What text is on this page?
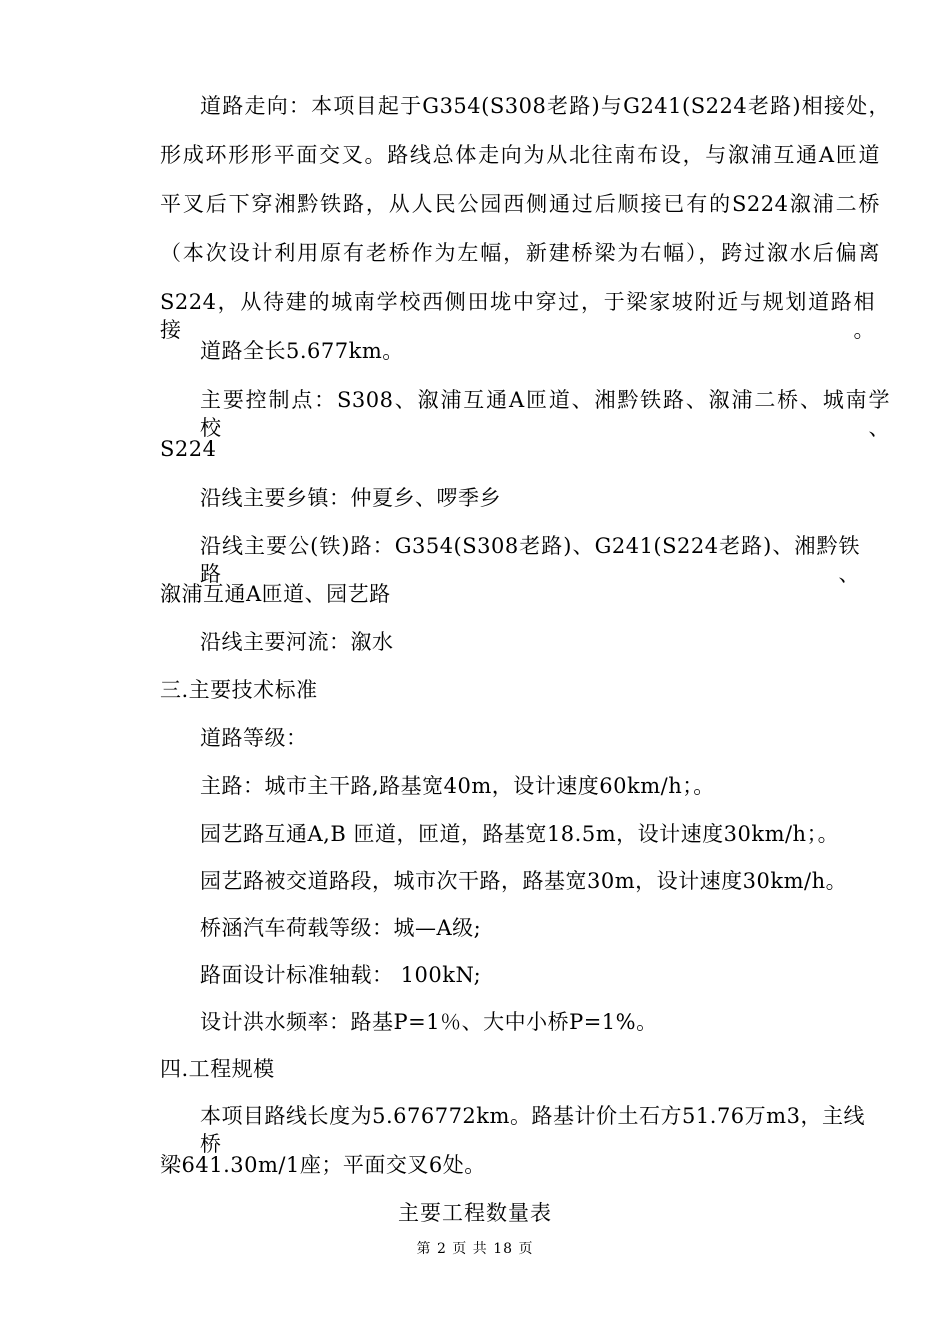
道路走向：本项目起于G354(S308老路)与G241(S224老路)相接处，
形成环形形平面交叉。路线总体走向为从北往南布设，与溆浦互通A匝道
平叉后下穿湘黔铁路，从人民公园西侧通过后顺接已有的S224溆浦二桥
（本次设计利用原有老桥作为左幅，新建桥梁为右幅），跨过溆水后偏离
S224，从待建的城南学校西侧田垅中穿过，于梁家坡附近与规划道路相接。
道路全长5.677km。
主要控制点：S308、溆浦互通A匝道、湘黔铁路、溆浦二桥、城南学校、
S224
沿线主要乡镇：仲夏乡、啰季乡
沿线主要公(铁)路：G354(S308老路)、G241(S224老路)、湘黔铁路、
溆浦互通A匝道、园艺路
沿线主要河流：溆水
三.主要技术标准
道路等级：
主路：城市主干路,路基宽40m，设计速度60km/h；。
园艺路互通A,B 匝道，匝道，路基宽18.5m，设计速度30km/h；。
园艺路被交道路段，城市次干路，路基宽30m，设计速度30km/h。
桥涵汽车荷载等级：城—A级;
路面设计标准轴载： 100kN;
设计洪水频率：路基P=1％、大中小桥P=1%。
四.工程规模
本项目路线长度为5.676772km。路基计价土石方51.76万m3，主线桥
梁641.30m/1座；平面交叉6处。
主要工程数量表
第 2 页 共 18 页
